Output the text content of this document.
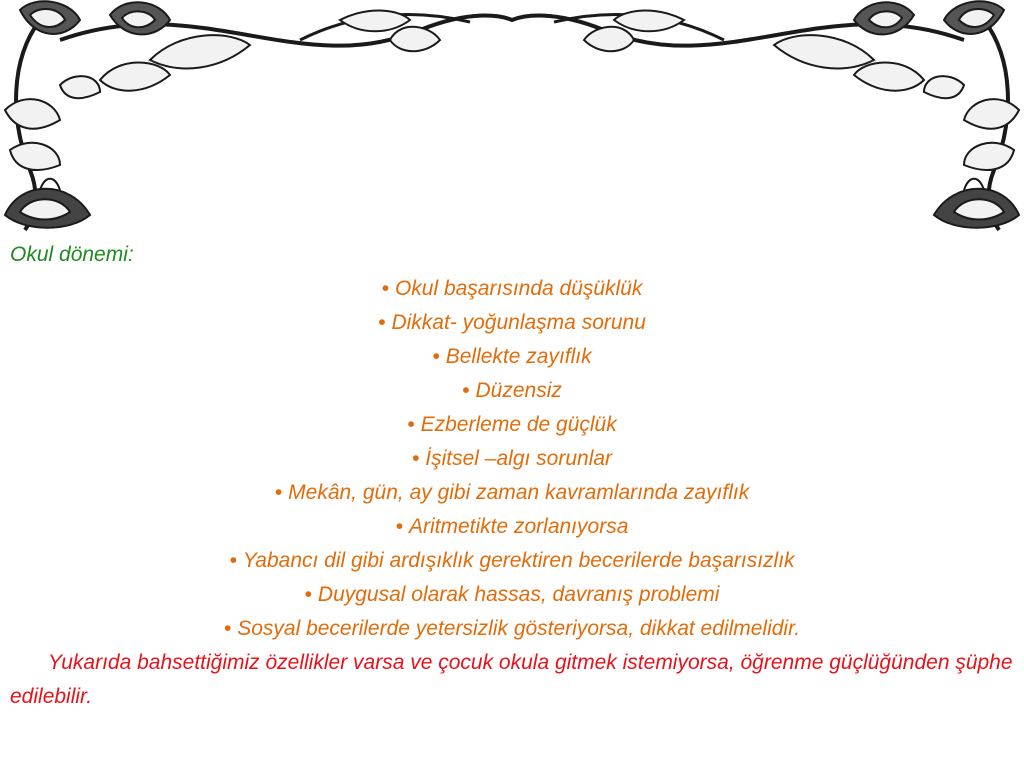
Okul dönemi:

• Okul başarısında düşüklük
• Dikkat- yoğunlaşma sorunu
• Bellekte zayıflık
• Düzensiz
• Ezberleme de güçlük
• İşitsel –algı sorunlar
• Mekân, gün, ay gibi zaman kavramlarında zayıflık
• Aritmetikte zorlanıyorsa
• Yabancı dil gibi ardışıklık gerektiren becerilerde başarısızlık
• Duygusal olarak hassas, davranış problemi
• Sosyal becerilerde yetersizlik gösteriyorsa, dikkat edilmelidir.

Yukarıda bahsettiğimiz özellikler varsa ve çocuk okula gitmek istemiyorsa, öğrenme güçlüğünden şüphe edilebilir.
